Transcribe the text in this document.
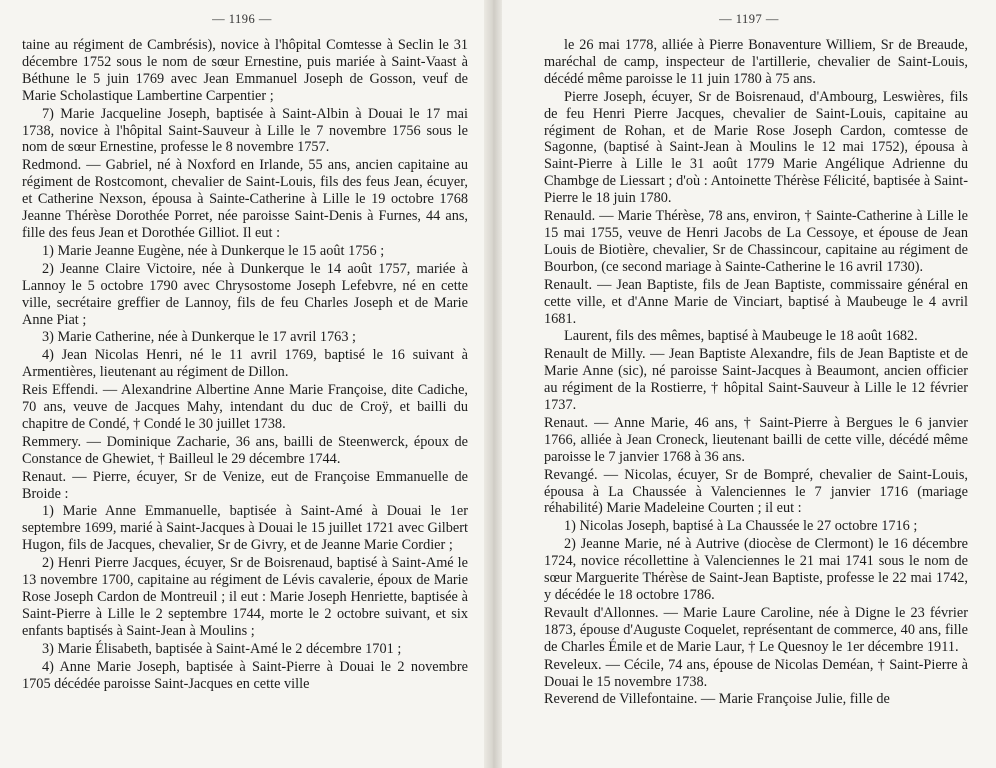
— 1196 —

taine au régiment de Cambrésis), novice à l'hôpital Comtesse à Seclin le 31 décembre 1752 sous le nom de sœur Ernestine, puis mariée à Saint-Vaast à Béthune le 5 juin 1769 avec Jean Emmanuel Joseph de Gosson, veuf de Marie Scholastique Lambertine Carpentier ;

7) Marie Jacqueline Joseph, baptisée à Saint-Albin à Douai le 17 mai 1738, novice à l'hôpital Saint-Sauveur à Lille le 7 novembre 1756 sous le nom de sœur Ernestine, professe le 8 novembre 1757.

Redmond. — Gabriel, né à Noxford en Irlande, 55 ans, ancien capitaine au régiment de Rostcomont, chevalier de Saint-Louis, fils des feus Jean, écuyer, et Catherine Nexson, épousa à Sainte-Catherine à Lille le 19 octobre 1768 Jeanne Thérèse Dorothée Porret, née paroisse Saint-Denis à Furnes, 44 ans, fille des feus Jean et Dorothée Gilliot. Il eut :

1) Marie Jeanne Eugène, née à Dunkerque le 15 août 1756 ;

2) Jeanne Claire Victoire, née à Dunkerque le 14 août 1757, mariée à Lannoy le 5 octobre 1790 avec Chrysostome Joseph Lefebvre, né en cette ville, secrétaire greffier de Lannoy, fils de feu Charles Joseph et de Marie Anne Piat ;

3) Marie Catherine, née à Dunkerque le 17 avril 1763 ;

4) Jean Nicolas Henri, né le 11 avril 1769, baptisé le 16 suivant à Armentières, lieutenant au régiment de Dillon.

Reis Effendi. — Alexandrine Albertine Anne Marie Françoise, dite Cadiche, 70 ans, veuve de Jacques Mahy, intendant du duc de Croÿ, et bailli du chapitre de Condé, † Condé le 30 juillet 1738.

Remmery. — Dominique Zacharie, 36 ans, bailli de Steenwerck, époux de Constance de Ghewiet, † Bailleul le 29 décembre 1744.

Renaut. — Pierre, écuyer, Sr de Venize, eut de Françoise Emmanuelle de Broide :

1) Marie Anne Emmanuelle, baptisée à Saint-Amé à Douai le 1er septembre 1699, marié à Saint-Jacques à Douai le 15 juillet 1721 avec Gilbert Hugon, fils de Jacques, chevalier, Sr de Givry, et de Jeanne Marie Cordier ;

2) Henri Pierre Jacques, écuyer, Sr de Boisrenaud, baptisé à Saint-Amé le 13 novembre 1700, capitaine au régiment de Lévis cavalerie, époux de Marie Rose Joseph Cardon de Montreuil ; il eut : Marie Joseph Henriette, baptisée à Saint-Pierre à Lille le 2 septembre 1744, morte le 2 octobre suivant, et six enfants baptisés à Saint-Jean à Moulins ;

3) Marie Élisabeth, baptisée à Saint-Amé le 2 décembre 1701 ;

4) Anne Marie Joseph, baptisée à Saint-Pierre à Douai le 2 novembre 1705 décédée paroisse Saint-Jacques en cette ville

— 1197 —

le 26 mai 1778, alliée à Pierre Bonaventure Williem, Sr de Breaude, maréchal de camp, inspecteur de l'artillerie, chevalier de Saint-Louis, décédé même paroisse le 11 juin 1780 à 75 ans.

Pierre Joseph, écuyer, Sr de Boisrenaud, d'Ambourg, Leswières, fils de feu Henri Pierre Jacques, chevalier de Saint-Louis, capitaine au régiment de Rohan, et de Marie Rose Joseph Cardon, comtesse de Sagonne, (baptisé à Saint-Jean à Moulins le 12 mai 1752), épousa à Saint-Pierre à Lille le 31 août 1779 Marie Angélique Adrienne du Chambge de Liessart ; d'où : Antoinette Thérèse Félicité, baptisée à Saint-Pierre le 18 juin 1780.

Renauld. — Marie Thérèse, 78 ans, environ, † Sainte-Catherine à Lille le 15 mai 1755, veuve de Henri Jacobs de La Cessoye, et épouse de Jean Louis de Biotière, chevalier, Sr de Chassincour, capitaine au régiment de Bourbon, (ce second mariage à Sainte-Catherine le 16 avril 1730).

Renault. — Jean Baptiste, fils de Jean Baptiste, commissaire général en cette ville, et d'Anne Marie de Vinciart, baptisé à Maubeuge le 4 avril 1681.

Laurent, fils des mêmes, baptisé à Maubeuge le 18 août 1682.

Renault de Milly. — Jean Baptiste Alexandre, fils de Jean Baptiste et de Marie Anne (sic), né paroisse Saint-Jacques à Beaumont, ancien officier au régiment de la Rostierre, † hôpital Saint-Sauveur à Lille le 12 février 1737.

Renaut. — Anne Marie, 46 ans, † Saint-Pierre à Bergues le 6 janvier 1766, alliée à Jean Croneck, lieutenant bailli de cette ville, décédé même paroisse le 7 janvier 1768 à 36 ans.

Revangé. — Nicolas, écuyer, Sr de Bompré, chevalier de Saint-Louis, épousa à La Chaussée à Valenciennes le 7 janvier 1716 (mariage réhabilité) Marie Madeleine Courten ; il eut :

1) Nicolas Joseph, baptisé à La Chaussée le 27 octobre 1716 ;

2) Jeanne Marie, né à Autrive (diocèse de Clermont) le 16 décembre 1724, novice récollettine à Valenciennes le 21 mai 1741 sous le nom de sœur Marguerite Thérèse de Saint-Jean Baptiste, professe le 22 mai 1742, y décédée le 18 octobre 1786.

Revault d'Allonnes. — Marie Laure Caroline, née à Digne le 23 février 1873, épouse d'Auguste Coquelet, représentant de commerce, 40 ans, fille de Charles Émile et de Marie Laur, † Le Quesnoy le 1er décembre 1911.

Reveleux. — Cécile, 74 ans, épouse de Nicolas Deméan, † Saint-Pierre à Douai le 15 novembre 1738.

Reverend de Villefontaine. — Marie Françoise Julie, fille de
